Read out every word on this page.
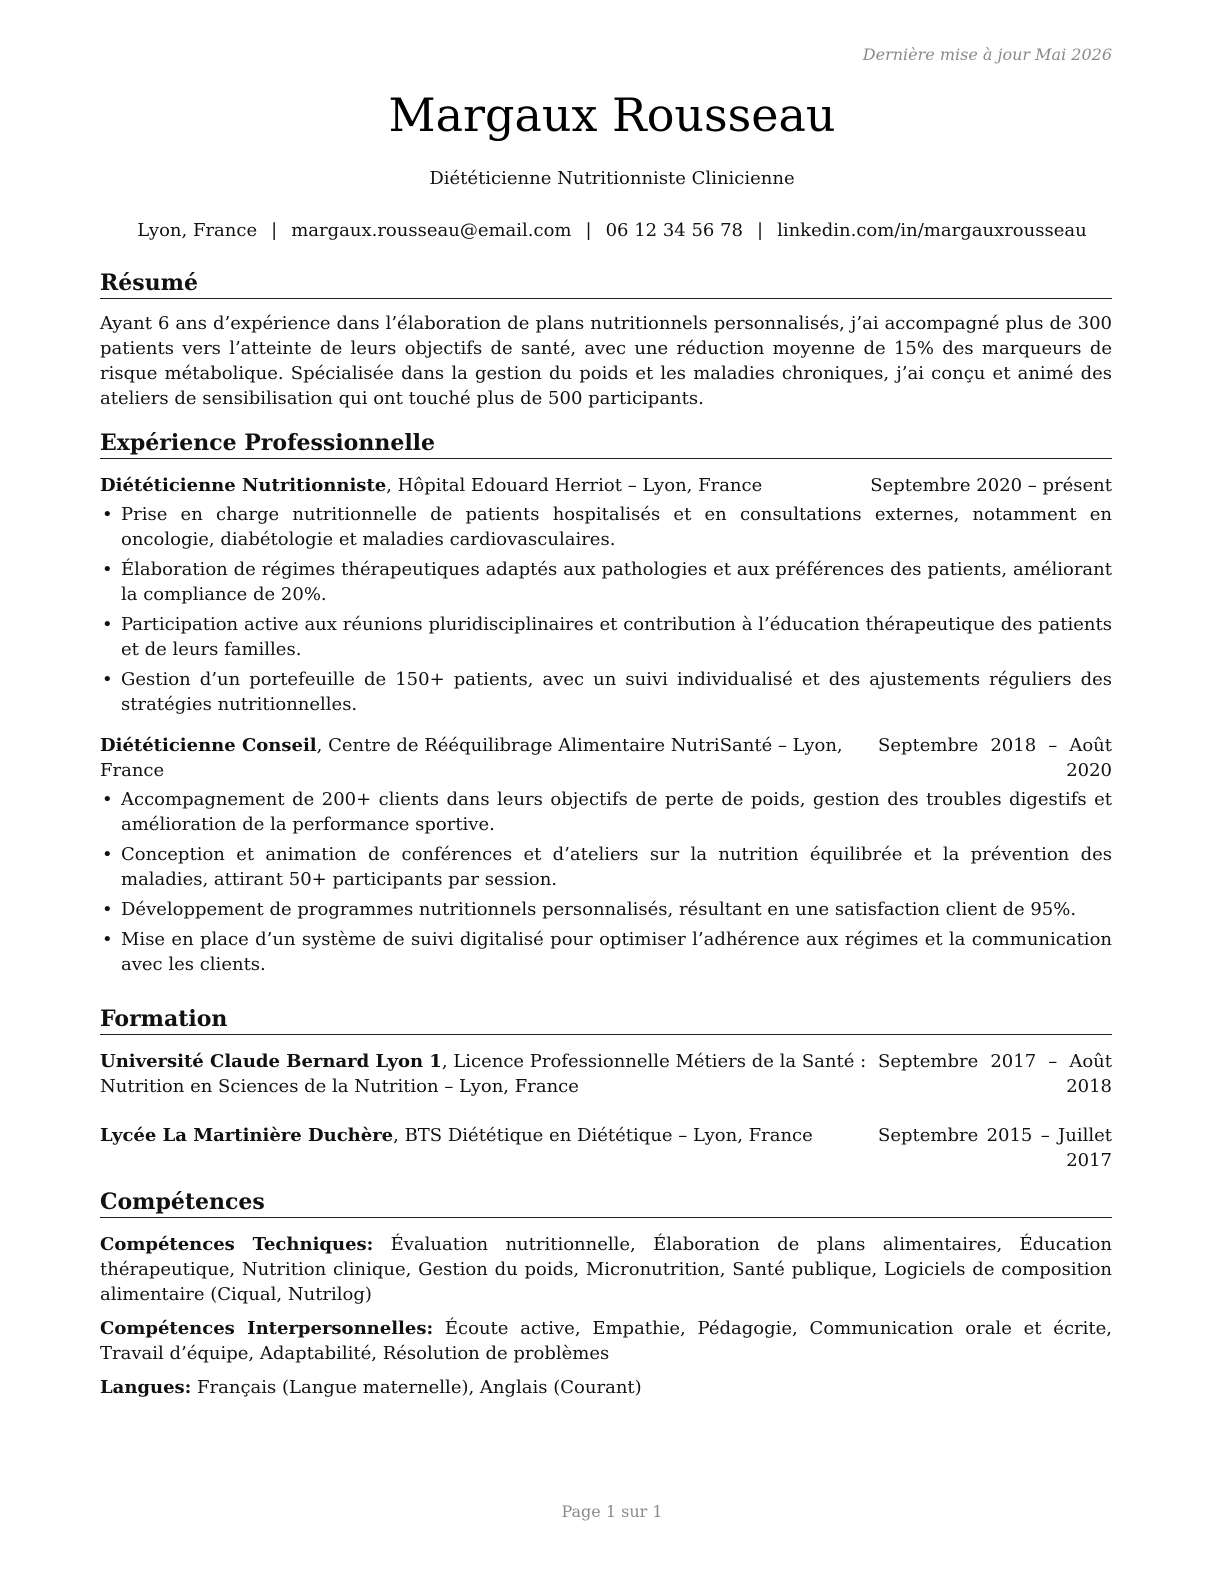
Dernière mise à jour Mai 2026
Margaux Rousseau
Diététicienne Nutritionniste Clinicienne
Lyon, France | margaux.rousseau@email.com | 06 12 34 56 78 | linkedin.com/in/margauxrousseau
Résumé

Ayant 6 ans d’expérience dans l’élaboration de plans nutritionnels personnalisés, j’ai accompagné plus de 300 patients vers l’atteinte de leurs objectifs de santé, avec une réduction moyenne de 15% des marqueurs de risque métabolique. Spécialisée dans la gestion du poids et les maladies chroniques, j’ai conçu et animé des ateliers de sensibilisation qui ont touché plus de 500 participants.

Expérience Professionnelle
Diététicienne Nutritionniste, Hôpital Edouard Herriot – Lyon, France	Septembre 2020 – présent
• Prise en charge nutritionnelle de patients hospitalisés et en consultations externes, notamment en oncologie, diabétologie et maladies cardiovasculaires.
• Élaboration de régimes thérapeutiques adaptés aux pathologies et aux préférences des patients, améliorant la compliance de 20%.
• Participation active aux réunions pluridisciplinaires et contribution à l’éducation thérapeutique des patients et de leurs familles.
• Gestion d’un portefeuille de 150+ patients, avec un suivi individualisé et des ajustements réguliers des stratégies nutritionnelles.
Diététicienne Conseil, Centre de Rééquilibrage Alimentaire NutriSanté – Lyon, France
Septembre 2018 – Août
2020
• Accompagnement de 200+ clients dans leurs objectifs de perte de poids, gestion des troubles digestifs et amélioration de la performance sportive.
• Conception et animation de conférences et d’ateliers sur la nutrition équilibrée et la prévention des maladies, attirant 50+ participants par session.
• Développement de programmes nutritionnels personnalisés, résultant en une satisfaction client de 95%.
• Mise en place d’un système de suivi digitalisé pour optimiser l’adhérence aux régimes et la communication avec les clients.
Formation
Université Claude Bernard Lyon 1, Licence Professionnelle Métiers de la Santé : Nutrition en Sciences de la Nutrition – Lyon, France
Septembre 2017 – Août
2018
Lycée La Martinière Duchère, BTS Diététique en Diététique – Lyon, France	Septembre 2015 – Juillet
2017
Compétences

Compétences Techniques: Évaluation nutritionnelle, Élaboration de plans alimentaires, Éducation thérapeutique, Nutrition clinique, Gestion du poids, Micronutrition, Santé publique, Logiciels de composition alimentaire (Ciqual, Nutrilog)

Compétences Interpersonnelles: Écoute active, Empathie, Pédagogie, Communication orale et écrite, Travail d’équipe, Adaptabilité, Résolution de problèmes

Langues: Français (Langue maternelle), Anglais (Courant)

Page 1 sur 1
